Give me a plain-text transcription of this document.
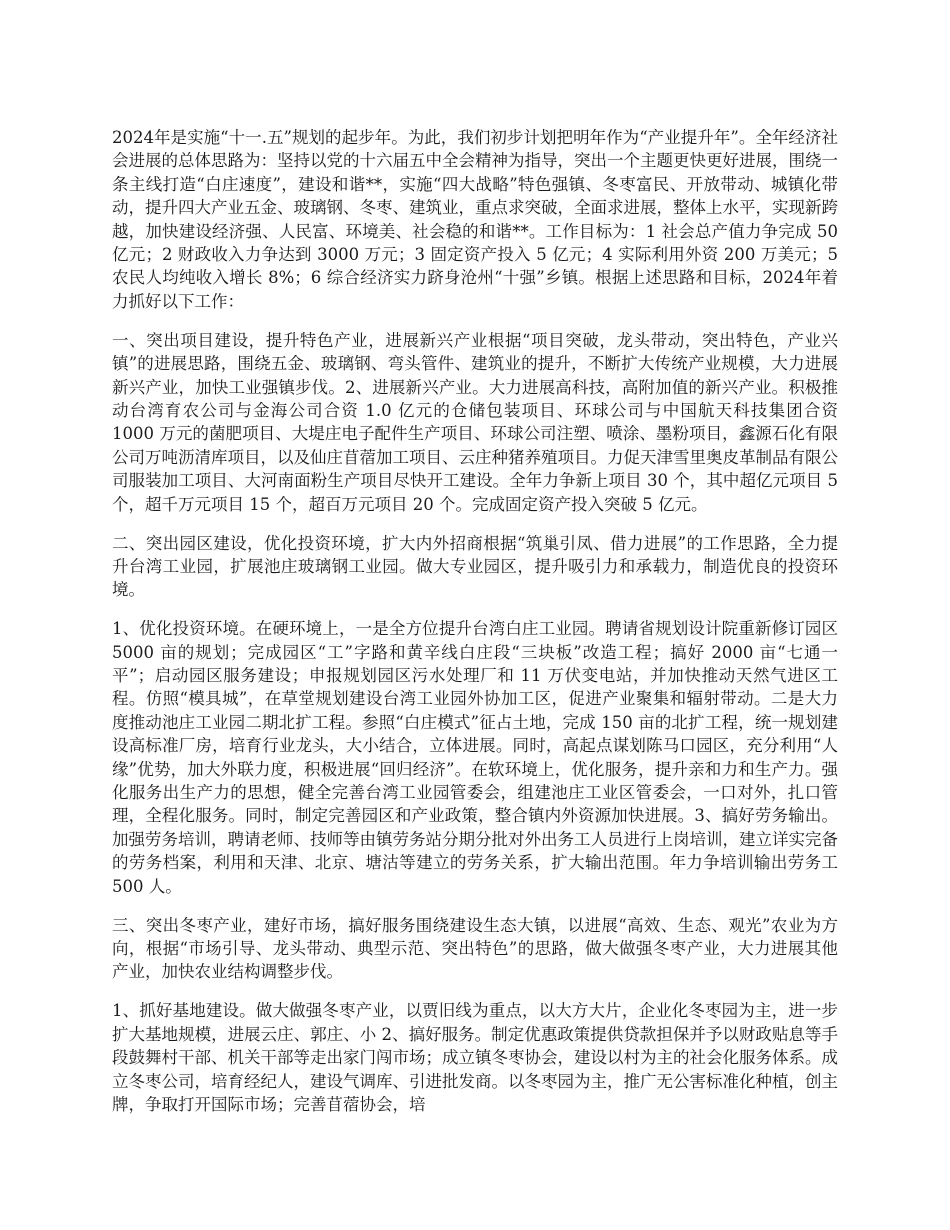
2024年是实施“十一.五”规划的起步年。为此，我们初步计划把明年作为“产业提升年”。全年经济社会进展的总体思路为：坚持以党的十六届五中全会精神为指导，突出一个主题更快更好进展，围绕一条主线打造“白庄速度”，建设和谐**，实施“四大战略”特色强镇、冬枣富民、开放带动、城镇化带动，提升四大产业五金、玻璃钢、冬枣、建筑业，重点求突破，全面求进展，整体上水平，实现新跨越，加快建设经济强、人民富、环境美、社会稳的和谐**。工作目标为：1 社会总产值力争完成 50 亿元；2 财政收入力争达到 3000 万元；3 固定资产投入 5 亿元；4 实际利用外资 200 万美元；5 农民人均纯收入增长 8%；6 综合经济实力跻身沧州“十强”乡镇。根据上述思路和目标，2024年着力抓好以下工作：

一、突出项目建设，提升特色产业，进展新兴产业根据“项目突破，龙头带动，突出特色，产业兴镇”的进展思路，围绕五金、玻璃钢、弯头管件、建筑业的提升，不断扩大传统产业规模，大力进展新兴产业，加快工业强镇步伐。2、进展新兴产业。大力进展高科技，高附加值的新兴产业。积极推动台湾育农公司与金海公司合资 1.0 亿元的仓储包装项目、环球公司与中国航天科技集团合资 1000 万元的菌肥项目、大堤庄电子配件生产项目、环球公司注塑、喷涂、墨粉项目，鑫源石化有限公司万吨沥清库项目，以及仙庄苜蓿加工项目、云庄种猪养殖项目。力促天津雪里奥皮革制品有限公司服装加工项目、大河南面粉生产项目尽快开工建设。全年力争新上项目 30 个，其中超亿元项目 5 个，超千万元项目 15 个，超百万元项目 20 个。完成固定资产投入突破 5 亿元。

二、突出园区建设，优化投资环境，扩大内外招商根据“筑巢引凤、借力进展”的工作思路，全力提升台湾工业园，扩展池庄玻璃钢工业园。做大专业园区，提升吸引力和承载力，制造优良的投资环境。

1、优化投资环境。在硬环境上，一是全方位提升台湾白庄工业园。聘请省规划设计院重新修订园区 5000 亩的规划；完成园区“工”字路和黄辛线白庄段“三块板”改造工程；搞好 2000 亩“七通一平”；启动园区服务建设；申报规划园区污水处理厂和 11 万伏变电站，并加快推动天然气进区工程。仿照“模具城”，在草堂规划建设台湾工业园外协加工区，促进产业聚集和辐射带动。二是大力度推动池庄工业园二期北扩工程。参照“白庄模式”征占土地，完成 150 亩的北扩工程，统一规划建设高标准厂房，培育行业龙头，大小结合，立体进展。同时，高起点谋划陈马口园区，充分利用“人缘”优势，加大外联力度，积极进展“回归经济”。在软环境上，优化服务，提升亲和力和生产力。强化服务出生产力的思想，健全完善台湾工业园管委会，组建池庄工业区管委会，一口对外，扎口管理，全程化服务。同时，制定完善园区和产业政策，整合镇内外资源加快进展。3、搞好劳务输出。加强劳务培训，聘请老师、技师等由镇劳务站分期分批对外出务工人员进行上岗培训，建立详实完备的劳务档案，利用和天津、北京、塘沽等建立的劳务关系，扩大输出范围。年力争培训输出劳务工 500 人。

三、突出冬枣产业，建好市场，搞好服务围绕建设生态大镇，以进展“高效、生态、观光”农业为方向，根据“市场引导、龙头带动、典型示范、突出特色”的思路，做大做强冬枣产业，大力进展其他产业，加快农业结构调整步伐。

1、抓好基地建设。做大做强冬枣产业，以贾旧线为重点，以大方大片，企业化冬枣园为主，进一步扩大基地规模，进展云庄、郭庄、小 2、搞好服务。制定优惠政策提供贷款担保并予以财政贴息等手段鼓舞村干部、机关干部等走出家门闯市场；成立镇冬枣协会，建设以村为主的社会化服务体系。成立冬枣公司，培育经纪人，建设气调库、引进批发商。以冬枣园为主，推广无公害标准化种植，创主牌，争取打开国际市场；完善苜蓿协会，培
